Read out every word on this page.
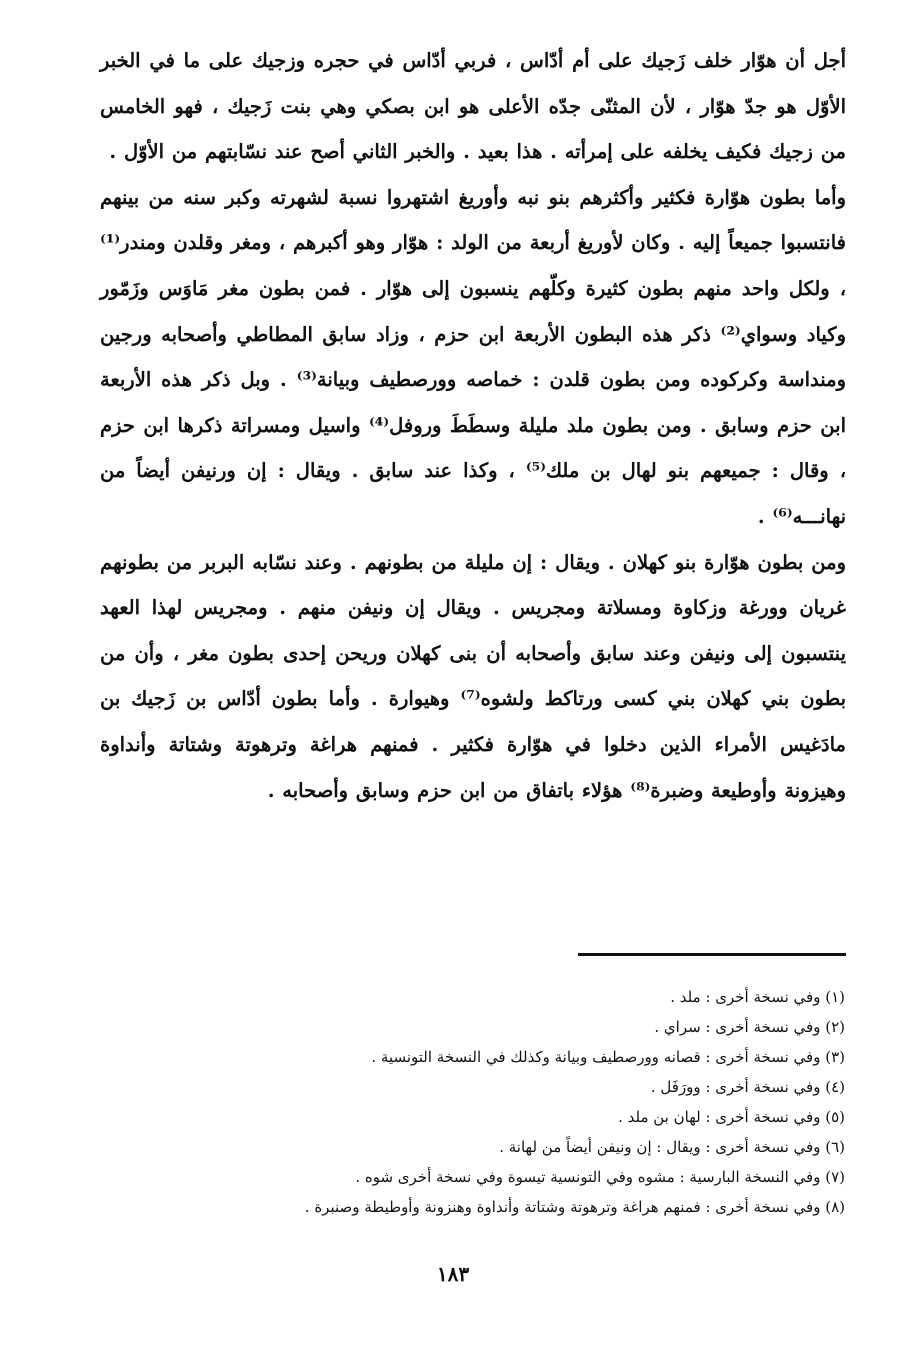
أجل أن هوّار خلف زَجيك على أم أدّاس ، فربي أدّاس في حجره وزجيك على ما في الخبر الأوّل هو جدّ هوّار ، لأن المثنّى جدّه الأعلى هو ابن بصكي وهي بنت زَجيك ، فهو الخامس من زجيك فكيف يخلفه على إمرأته . هذا بعيد . والخبر الثاني أصح عند نسّابتهم من الأوّل .

وأما بطون هوّارة فكثير وأكثرهم بنو نبه وأوريغ اشتهروا نسبة لشهرته وكبر سنه من بينهم فانتسبوا جميعاً إليه . وكان لأوريغ أربعة من الولد : هوّار وهو أكبرهم ، ومغر وقلدن ومندر⁽¹⁾ ، ولكل واحد منهم بطون كثيرة وكلّهم ينسبون إلى هوّار . فمن بطون مغر مَاوَس وزَمّور وكياد وسواي⁽²⁾ ذكر هذه البطون الأربعة ابن حزم ، وزاد سابق المطاطي وأصحابه ورجين ومنداسة وكركوده ومن بطون قلدن : خماصه وورصطيف وبيانة⁽³⁾ . وبل ذكر هذه الأربعة ابن حزم وسابق . ومن بطون ملد مليلة وسطَطَ وروفل⁽⁴⁾ واسيل ومسراتة ذكرها ابن حزم ، وقال : جميعهم بنو لهال بن ملك⁽⁵⁾ ، وكذا عند سابق . ويقال : إن ورنيفن أيضاً من نهانـــه⁽⁶⁾ .

ومن بطون هوّارة بنو كهلان . ويقال : إن مليلة من بطونهم . وعند نسّابه البربر من بطونهم غريان وورغة وزكاوة ومسلاتة ومجريس . ويقال إن ونيفن منهم . ومجريس لهذا العهد ينتسبون إلى ونيفن وعند سابق وأصحابه أن بنى كهلان وريحن إحدى بطون مغر ، وأن من بطون بني كهلان بني كسى ورتاكط ولشوه⁽⁷⁾ وهيوارة . وأما بطون أدّاس بن زَجيك بن مادَغيس الأمراء الذين دخلوا في هوّارة فكثير . فمنهم هراغة وترهوتة وشتاتة وأنداوة وهيزونة وأوطيعة وضبرة⁽⁸⁾ هؤلاء باتفاق من ابن حزم وسابق وأصحابه .

(١) وفي نسخة أخرى : ملد .
(٢) وفي نسخة أخرى : سراي .
(٣) وفي نسخة أخرى : قصانه وورصطيف وبيانة وكذلك في النسخة التونسية .
(٤) وفي نسخة أخرى : وورَفَل .
(٥) وفي نسخة أخرى : لهان بن ملد .
(٦) وفي نسخة أخرى : ويقال : إن ونيفن أيضاً من لهانة .
(٧) وفي النسخة البارسية : مشوه وفي التونسية تيسوة وفي نسخة أخرى شوه .
(٨) وفي نسخة أخرى : فمنهم هراغة وترهوتة وشتاتة وأنداوة وهنزونة وأوطيطة وصنبرة .
١٨٣
